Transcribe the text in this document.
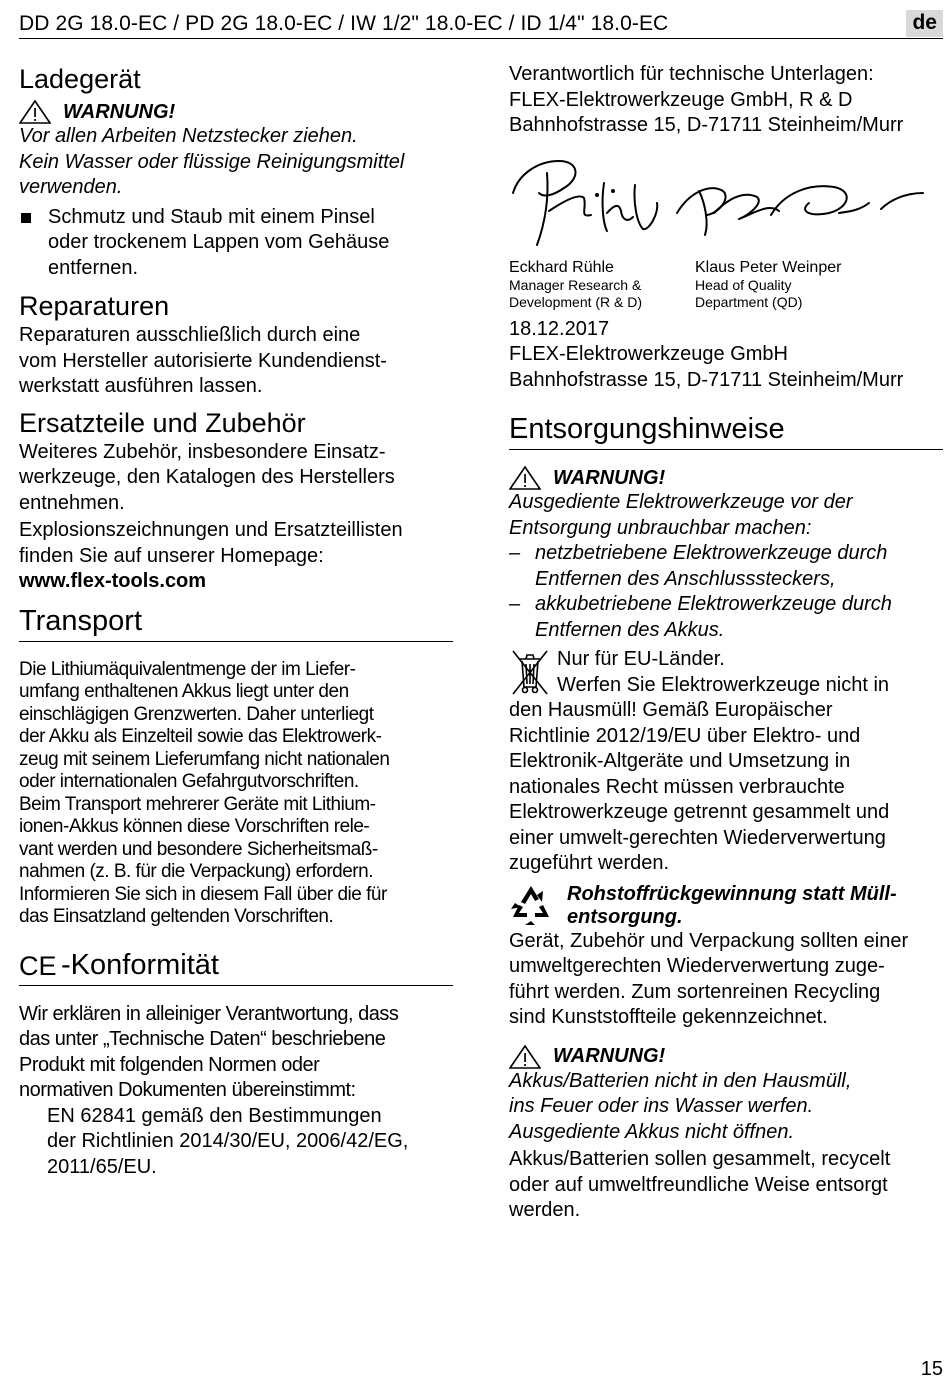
DD 2G 18.0-EC / PD 2G 18.0-EC / IW 1/2" 18.0-EC / ID 1/4" 18.0-EC	de
Ladegerät
WARNUNG!

Vor allen Arbeiten Netzstecker ziehen.

Kein Wasser oder flüssige Reinigungsmittel

verwenden.

Schmutz und Staub mit einem Pinsel

oder trockenem Lappen vom Gehäuse

entfernen.

Reparaturen

Reparaturen ausschließlich durch eine

vom Hersteller autorisierte Kundendienst-

werkstatt ausführen lassen.

Ersatzteile und Zubehör

Weiteres Zubehör, insbesondere Einsatz-

werkzeuge, den Katalogen des Herstellers

entnehmen.

Explosionszeichnungen und Ersatzteillisten

finden Sie auf unserer Homepage:

www.flex-tools.com

Transport

Die Lithiumäquivalentmenge der im Liefer-

umfang enthaltenen Akkus liegt unter den

einschlägigen Grenzwerten. Daher unterliegt

der Akku als Einzelteil sowie das Elektrowerk-

zeug mit seinem Lieferumfang nicht nationalen

oder internationalen Gefahrgutvorschriften.

Beim Transport mehrerer Geräte mit Lithium-

ionen-Akkus können diese Vorschriften rele-

vant werden und besondere Sicherheitsmaß-

nahmen (z. B. für die Verpackung) erfordern.

Informieren Sie sich in diesem Fall über die für

das Einsatzland geltenden Vorschriften.

CE -Konformität

Wir erklären in alleiniger Verantwortung, dass

das unter „Technische Daten“ beschriebene

Produkt mit folgenden Normen oder

normativen Dokumenten übereinstimmt:

EN 62841 gemäß den Bestimmungen

der Richtlinien 2014/30/EU, 2006/42/EG,

2011/65/EU.

Verantwortlich für technische Unterlagen:

FLEX-Elektrowerkzeuge GmbH, R & D

Bahnhofstrasse 15, D-71711 Steinheim/Murr

Eckhard Rühle

Manager Research &

Development (R & D)

Klaus Peter Weinper

Head of Quality

Department (QD)

18.12.2017

FLEX-Elektrowerkzeuge GmbH

Bahnhofstrasse 15, D-71711 Steinheim/Murr

Entsorgungshinweise
WARNUNG!

Ausgediente Elektrowerkzeuge vor der

Entsorgung unbrauchbar machen:

– netzbetriebene Elektrowerkzeuge durch

Entfernen des Anschlusssteckers,

– akkubetriebene Elektrowerkzeuge durch

Entfernen des Akkus.

Nur für EU-Länder.

Werfen Sie Elektrowerkzeuge nicht in

den Hausmüll! Gemäß Europäischer

Richtlinie 2012/19/EU über Elektro- und

Elektronik-Altgeräte und Umsetzung in

nationales Recht müssen verbrauchte

Elektrowerkzeuge getrennt gesammelt und

einer umwelt-gerechten Wiederverwertung

zugeführt werden.

Rohstoffrückgewinnung statt Müll-

entsorgung.

Gerät, Zubehör und Verpackung sollten einer

umweltgerechten Wiederverwertung zuge-

führt werden. Zum sortenreinen Recycling

sind Kunststoffteile gekennzeichnet.

WARNUNG!

Akkus/Batterien nicht in den Hausmüll,

ins Feuer oder ins Wasser werfen.

Ausgediente Akkus nicht öffnen.

Akkus/Batterien sollen gesammelt, recycelt

oder auf umweltfreundliche Weise entsorgt

werden.

15
